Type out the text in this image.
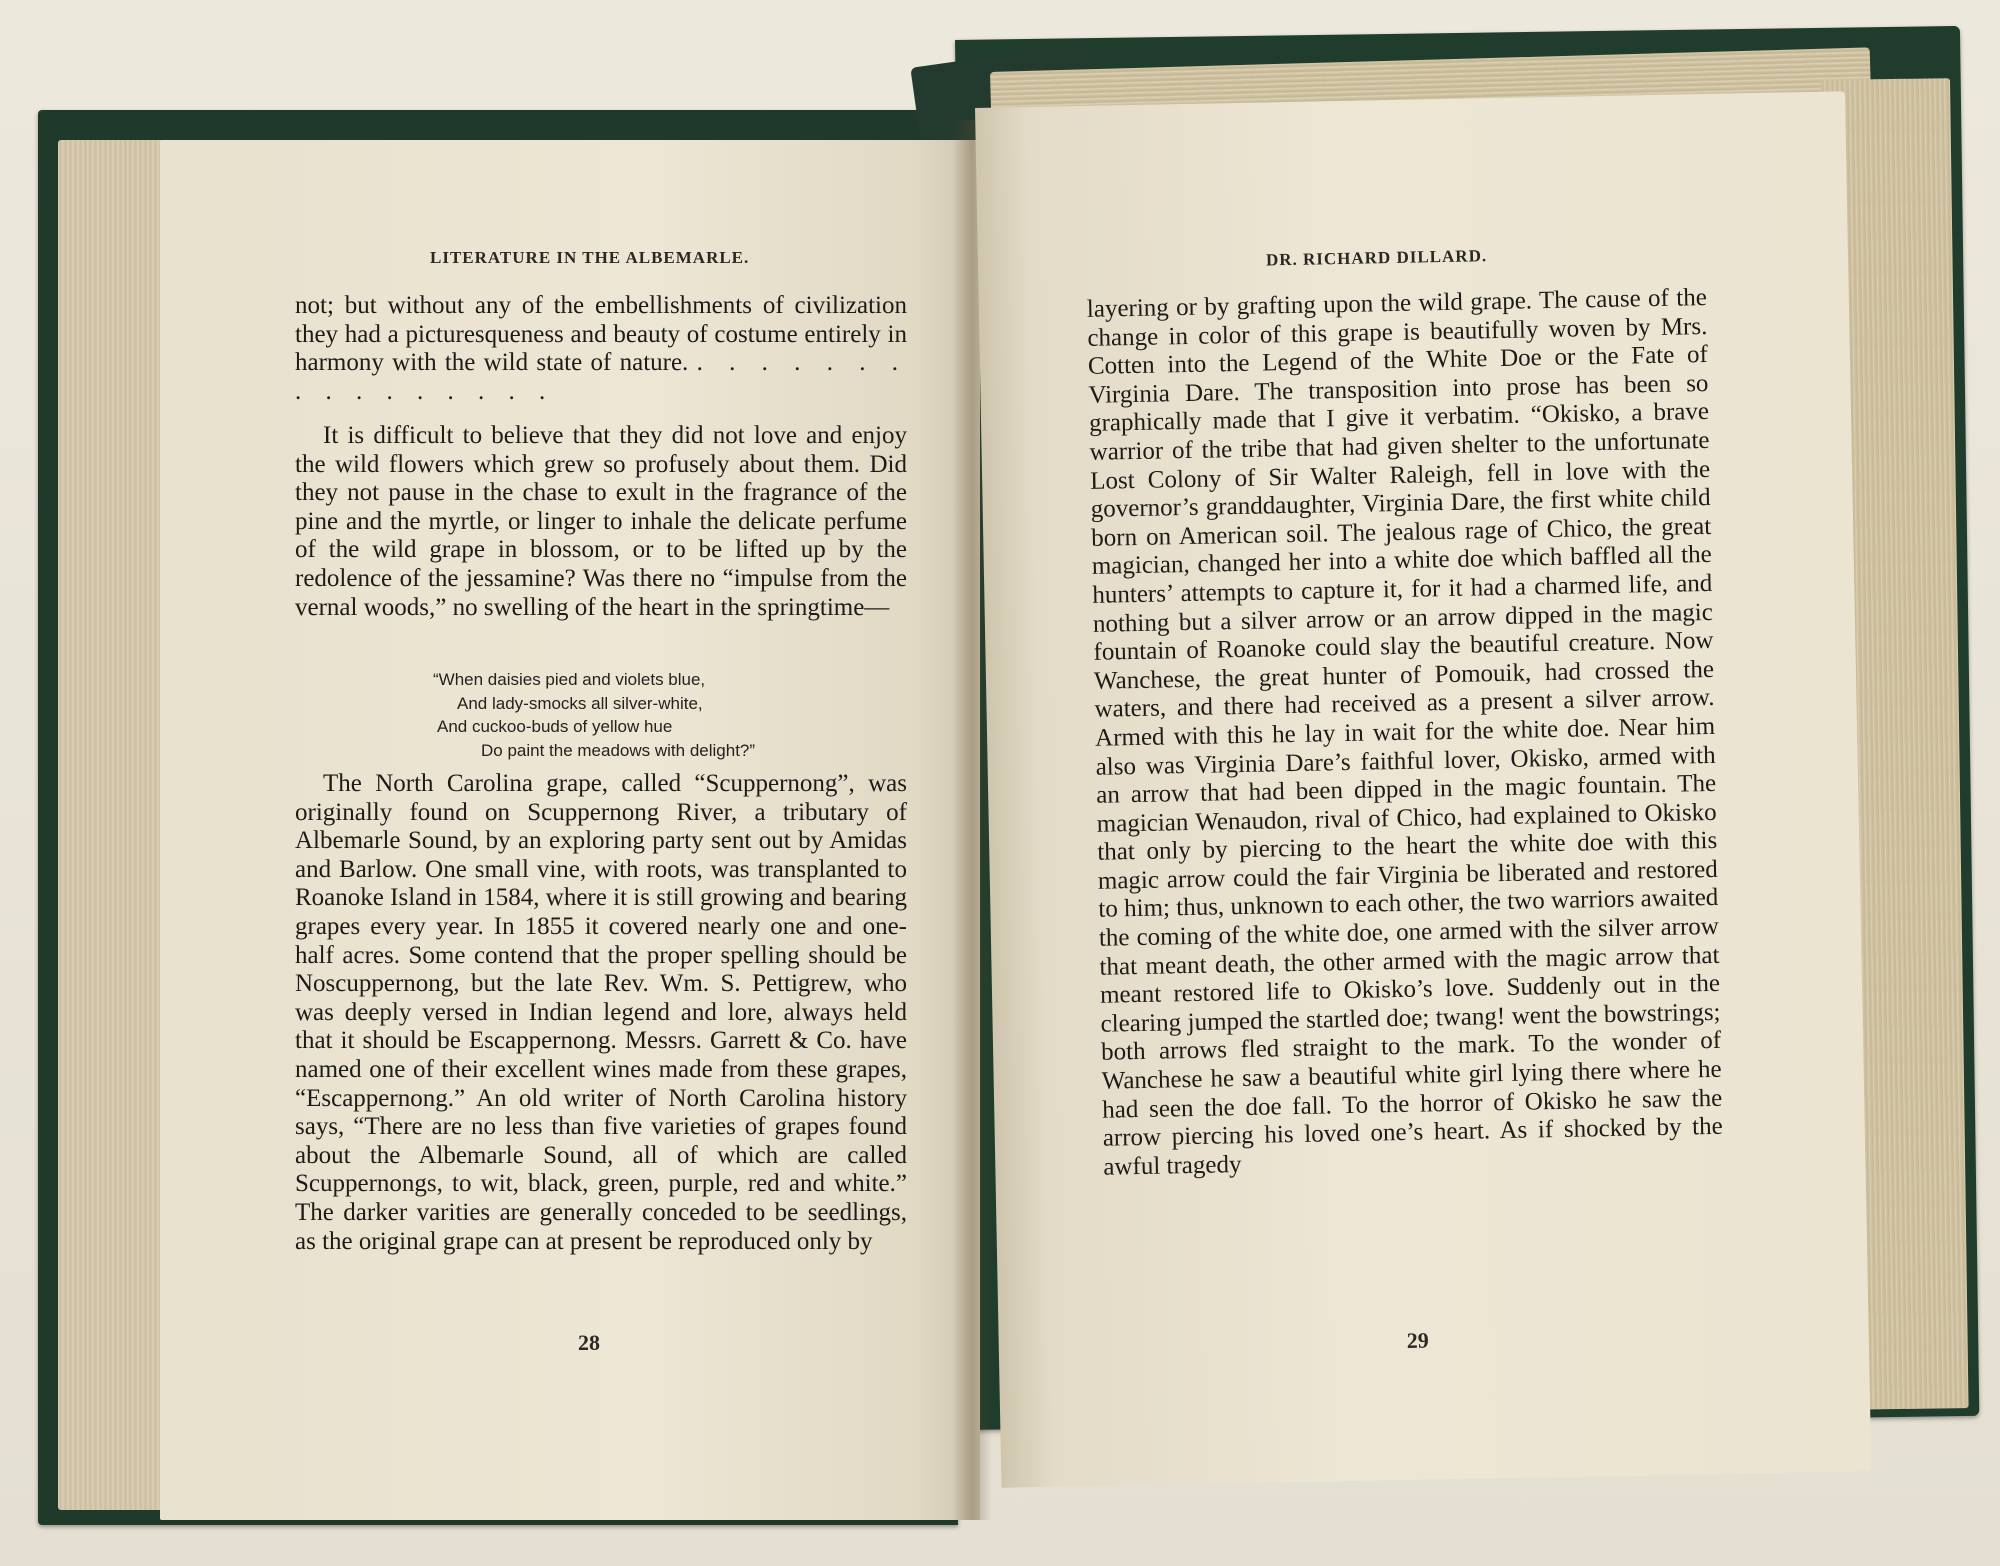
LITERATURE IN THE ALBEMARLE.

not; but without any of the embellishments of civilization they had a picturesqueness and beauty of costume entirely in harmony with the wild state of nature. . . . . . . . . . . . . . . . .

It is difficult to believe that they did not love and enjoy the wild flowers which grew so profusely about them. Did they not pause in the chase to exult in the fragrance of the pine and the myrtle, or linger to inhale the delicate perfume of the wild grape in blossom, or to be lifted up by the redolence of the jessamine? Was there no “impulse from the vernal woods,” no swelling of the heart in the springtime—

“When daisies pied and violets blue,
And lady-smocks all silver-white,
And cuckoo-buds of yellow hue
Do paint the meadows with delight?”

The North Carolina grape, called “Scuppernong”, was originally found on Scuppernong River, a tributary of Albemarle Sound, by an exploring party sent out by Amidas and Barlow. One small vine, with roots, was transplanted to Roanoke Island in 1584, where it is still growing and bearing grapes every year. In 1855 it covered nearly one and one-half acres. Some contend that the proper spelling should be Noscuppernong, but the late Rev. Wm. S. Pettigrew, who was deeply versed in Indian legend and lore, always held that it should be Escappernong. Messrs. Garrett & Co. have named one of their excellent wines made from these grapes, “Escappernong.” An old writer of North Carolina history says, “There are no less than five varieties of grapes found about the Albemarle Sound, all of which are called Scuppernongs, to wit, black, green, purple, red and white.” The darker varities are generally conceded to be seedlings, as the original grape can at present be reproduced only by

28
DR. RICHARD DILLARD.

layering or by grafting upon the wild grape. The cause of the change in color of this grape is beautifully woven by Mrs. Cotten into the Legend of the White Doe or the Fate of Virginia Dare. The transposition into prose has been so graphically made that I give it verbatim. “Okisko, a brave warrior of the tribe that had given shelter to the unfortunate Lost Colony of Sir Walter Raleigh, fell in love with the governor’s granddaughter, Virginia Dare, the first white child born on American soil. The jealous rage of Chico, the great magician, changed her into a white doe which baffled all the hunters’ attempts to capture it, for it had a charmed life, and nothing but a silver arrow or an arrow dipped in the magic fountain of Roanoke could slay the beautiful creature. Now Wanchese, the great hunter of Pomouik, had crossed the waters, and there had received as a present a silver arrow. Armed with this he lay in wait for the white doe. Near him also was Virginia Dare’s faithful lover, Okisko, armed with an arrow that had been dipped in the magic fountain. The magician Wenaudon, rival of Chico, had explained to Okisko that only by piercing to the heart the white doe with this magic arrow could the fair Virginia be liberated and restored to him; thus, unknown to each other, the two warriors awaited the coming of the white doe, one armed with the silver arrow that meant death, the other armed with the magic arrow that meant restored life to Okisko’s love. Suddenly out in the clearing jumped the startled doe; twang! went the bowstrings; both arrows fled straight to the mark. To the wonder of Wanchese he saw a beautiful white girl lying there where he had seen the doe fall. To the horror of Okisko he saw the arrow piercing his loved one’s heart. As if shocked by the awful tragedy

29
